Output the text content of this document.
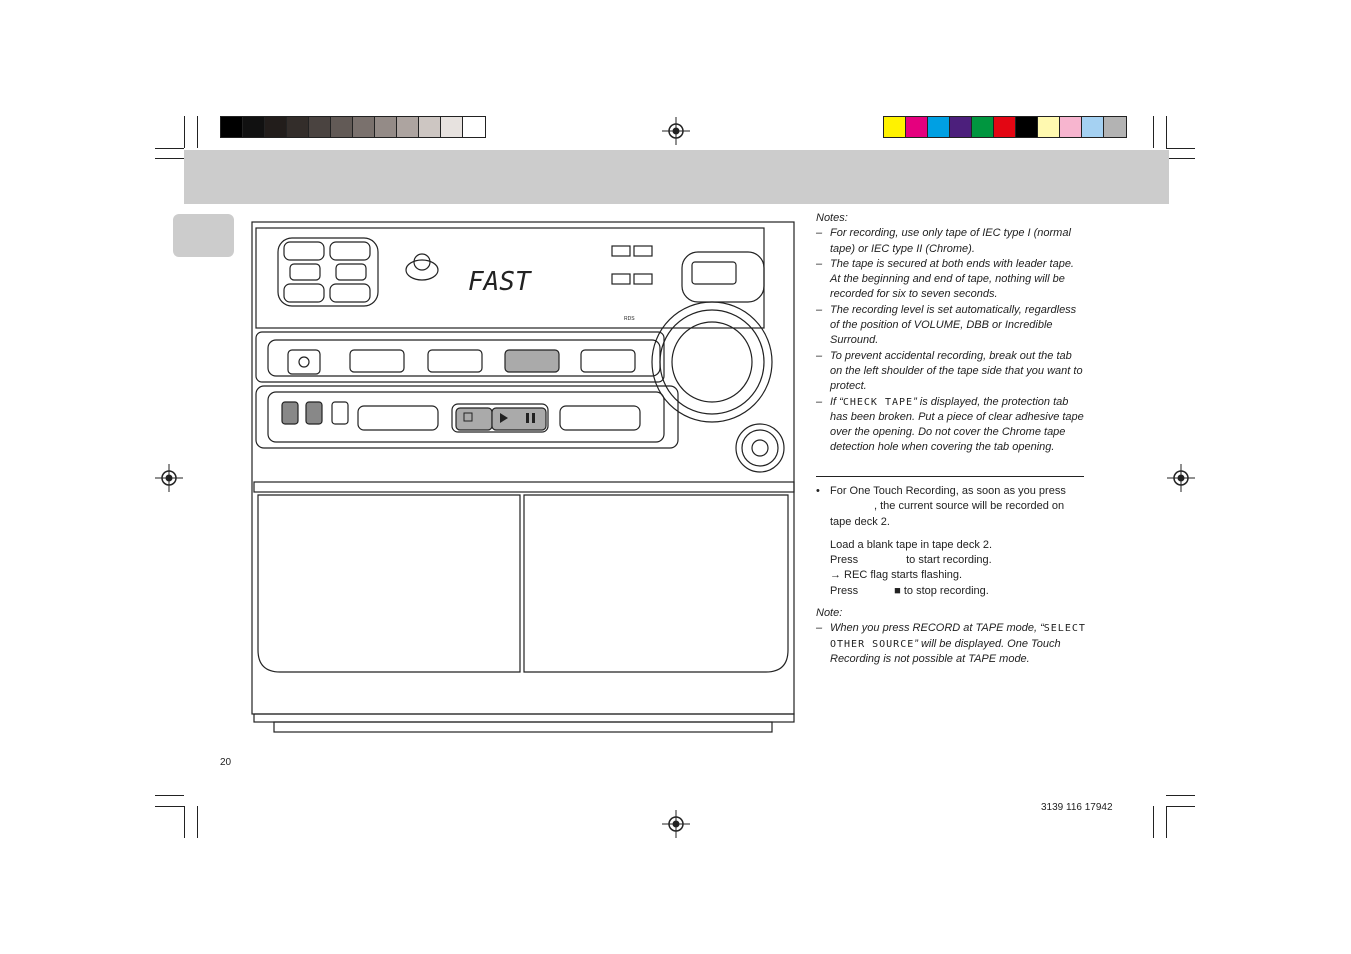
FAST
RDS
Notes:
– For recording, use only tape of IEC type I (normal tape) or IEC type II (Chrome).
– The tape is secured at both ends with leader tape. At the beginning and end of tape, nothing will be recorded for six to seven seconds.
– The recording level is set automatically, regardless of the position of VOLUME, DBB or Incredible Surround.
– To prevent accidental recording, break out the tab on the left shoulder of the tape side that you want to protect.
– If “CHECK TAPE” is displayed, the protection tab has been broken. Put a piece of clear adhesive tape over the opening. Do not cover the Chrome tape detection hole when covering the tab opening.
• For One Touch Recording, as soon as you press
, the current source will be recorded on tape deck 2.
Load a blank tape in tape deck 2.
Press	to start recording.
→ REC flag starts flashing.
Press	■ to stop recording.
Note:
– When you press RECORD at TAPE mode, “SELECT OTHER SOURCE” will be displayed. One Touch Recording is not possible at TAPE mode.
20
3139 116 17942
